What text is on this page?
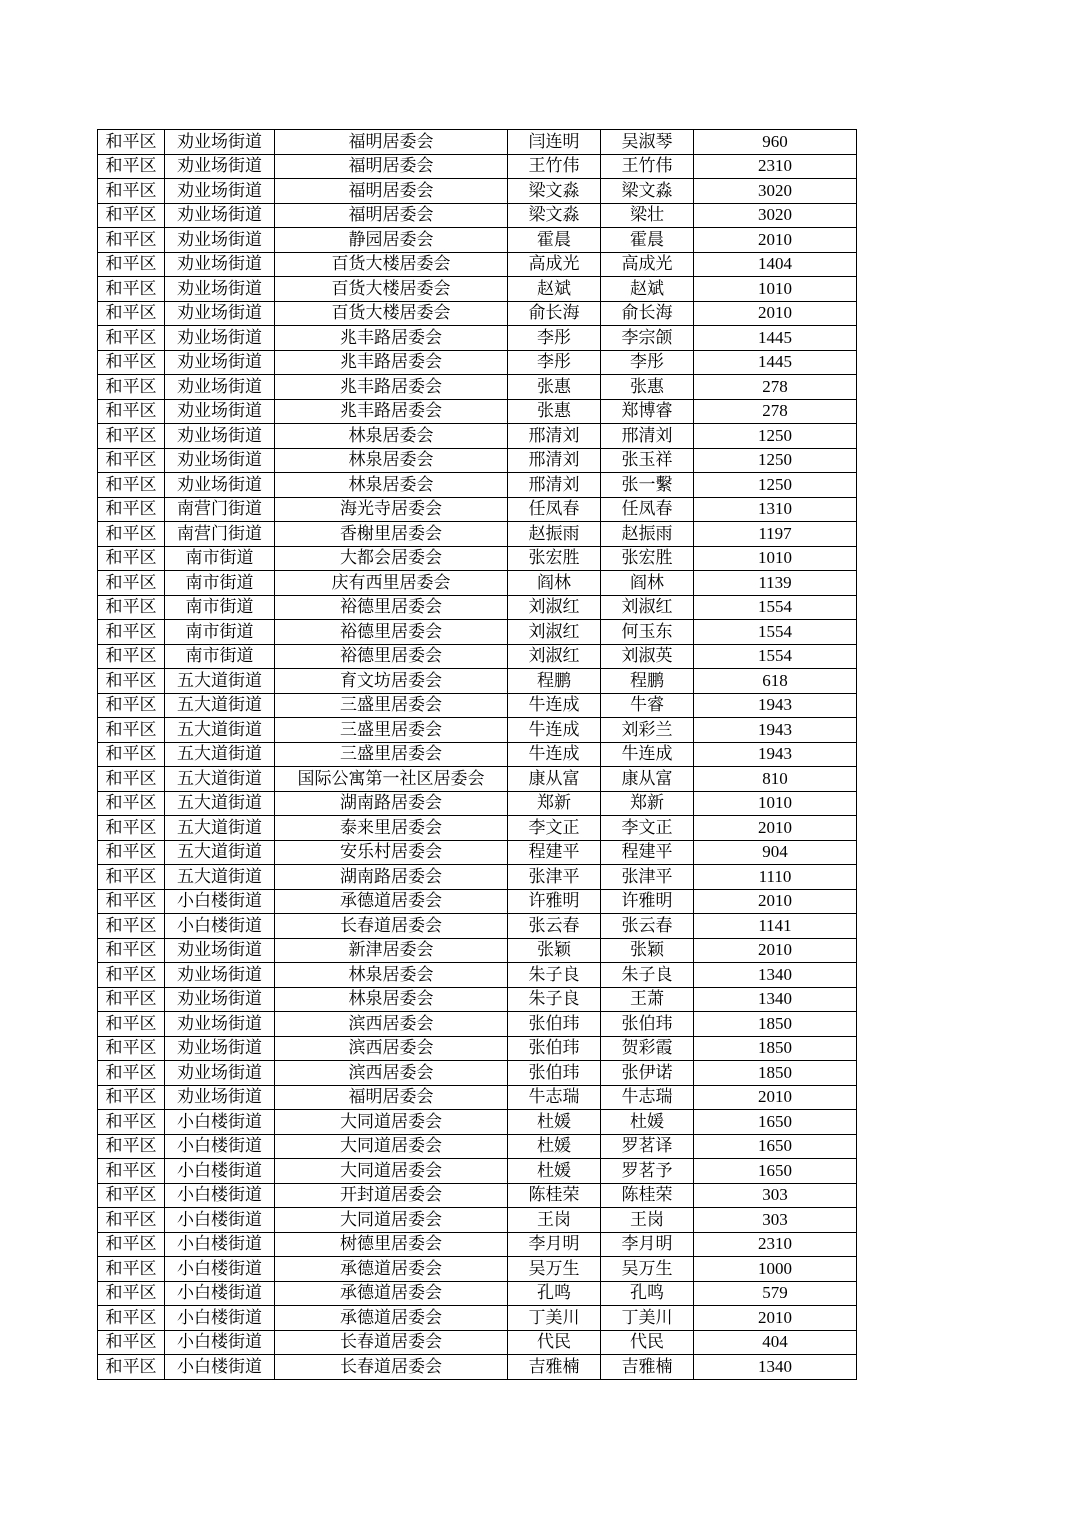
和平区	劝业场街道	福明居委会	闫连明	吴淑琴	960
和平区	劝业场街道	福明居委会	王竹伟	王竹伟	2310
和平区	劝业场街道	福明居委会	梁文淼	梁文淼	3020
和平区	劝业场街道	福明居委会	梁文淼	梁壮	3020
和平区	劝业场街道	静园居委会	霍晨	霍晨	2010
和平区	劝业场街道	百货大楼居委会	高成光	高成光	1404
和平区	劝业场街道	百货大楼居委会	赵斌	赵斌	1010
和平区	劝业场街道	百货大楼居委会	俞长海	俞长海	2010
和平区	劝业场街道	兆丰路居委会	李彤	李宗颌	1445
和平区	劝业场街道	兆丰路居委会	李彤	李彤	1445
和平区	劝业场街道	兆丰路居委会	张惠	张惠	278
和平区	劝业场街道	兆丰路居委会	张惠	郑博睿	278
和平区	劝业场街道	林泉居委会	邢清刘	邢清刘	1250
和平区	劝业场街道	林泉居委会	邢清刘	张玉祥	1250
和平区	劝业场街道	林泉居委会	邢清刘	张一繫	1250
和平区	南营门街道	海光寺居委会	任凤春	任凤春	1310
和平区	南营门街道	香榭里居委会	赵振雨	赵振雨	1197
和平区	南市街道	大都会居委会	张宏胜	张宏胜	1010
和平区	南市街道	庆有西里居委会	阎林	阎林	1139
和平区	南市街道	裕德里居委会	刘淑红	刘淑红	1554
和平区	南市街道	裕德里居委会	刘淑红	何玉东	1554
和平区	南市街道	裕德里居委会	刘淑红	刘淑英	1554
和平区	五大道街道	育文坊居委会	程鹏	程鹏	618
和平区	五大道街道	三盛里居委会	牛连成	牛睿	1943
和平区	五大道街道	三盛里居委会	牛连成	刘彩兰	1943
和平区	五大道街道	三盛里居委会	牛连成	牛连成	1943
和平区	五大道街道	国际公寓第一社区居委会	康从富	康从富	810
和平区	五大道街道	湖南路居委会	郑新	郑新	1010
和平区	五大道街道	泰来里居委会	李文正	李文正	2010
和平区	五大道街道	安乐村居委会	程建平	程建平	904
和平区	五大道街道	湖南路居委会	张津平	张津平	1110
和平区	小白楼街道	承德道居委会	许雅明	许雅明	2010
和平区	小白楼街道	长春道居委会	张云春	张云春	1141
和平区	劝业场街道	新津居委会	张颖	张颖	2010
和平区	劝业场街道	林泉居委会	朱子良	朱子良	1340
和平区	劝业场街道	林泉居委会	朱子良	王萧	1340
和平区	劝业场街道	滨西居委会	张伯玮	张伯玮	1850
和平区	劝业场街道	滨西居委会	张伯玮	贺彩霞	1850
和平区	劝业场街道	滨西居委会	张伯玮	张伊诺	1850
和平区	劝业场街道	福明居委会	牛志瑞	牛志瑞	2010
和平区	小白楼街道	大同道居委会	杜媛	杜媛	1650
和平区	小白楼街道	大同道居委会	杜媛	罗茗译	1650
和平区	小白楼街道	大同道居委会	杜媛	罗茗予	1650
和平区	小白楼街道	开封道居委会	陈桂荣	陈桂荣	303
和平区	小白楼街道	大同道居委会	王岗	王岗	303
和平区	小白楼街道	树德里居委会	李月明	李月明	2310
和平区	小白楼街道	承德道居委会	吴万生	吴万生	1000
和平区	小白楼街道	承德道居委会	孔鸣	孔鸣	579
和平区	小白楼街道	承德道居委会	丁美川	丁美川	2010
和平区	小白楼街道	长春道居委会	代民	代民	404
和平区	小白楼街道	长春道居委会	吉雅楠	吉雅楠	1340
